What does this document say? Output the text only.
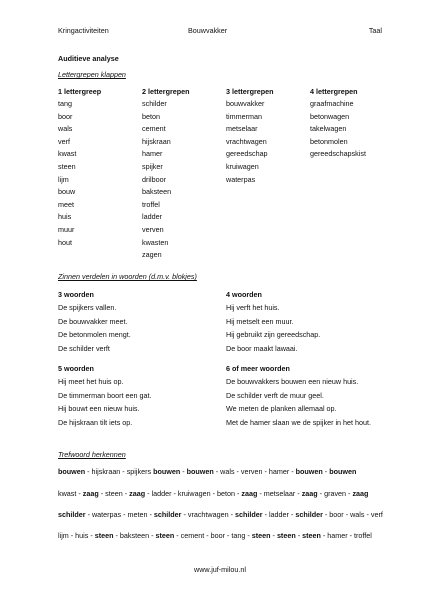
Kringactiviteiten	Bouwvakker	Taal
Auditieve analyse
Lettergrepen klappen
1 lettergreep
tang
boor
wals
verf
kwast
steen
lijm
bouw
meet
huis
muur
hout
2 lettergrepen
schilder
beton
cement
hijskraan
hamer
spijker
drilboor
baksteen
troffel
ladder
verven
kwasten
zagen
3 lettergrepen
bouwvakker
timmerman
metselaar
vrachtwagen
gereedschap
kruiwagen
waterpas
4 lettergrepen
graafmachine
betonwagen
takelwagen
betonmolen
gereedschapskist
Zinnen verdelen in woorden (d.m.v. blokjes)
3 woorden
De spijkers vallen.
De bouwvakker meet.
De betonmolen mengt.
De schilder verft
4 woorden
Hij verft het huis.
Hij metselt een muur.
Hij gebruikt zijn gereedschap.
De boor maakt lawaai.
5 woorden
Hij meet het huis op.
De timmerman boort een gat.
Hij bouwt een nieuw huis.
De hijskraan tilt iets op.
6 of meer woorden
De bouwvakkers bouwen een nieuw huis.
De schilder verft de muur geel.
We meten de planken allemaal op.
Met de hamer slaan we de spijker in het hout.
Trefwoord herkennen
bouwen - hijskraan - spijkers bouwen - bouwen - wals - verven - hamer - bouwen - bouwen
kwast - zaag - steen - zaag - ladder - kruiwagen - beton - zaag - metselaar - zaag - graven - zaag
schilder - waterpas - meten - schilder - vrachtwagen - schilder - ladder - schilder - boor - wals - verf
lijm - huis - steen - baksteen - steen - cement - boor - tang - steen - steen - steen - hamer - troffel
www.juf-milou.nl
